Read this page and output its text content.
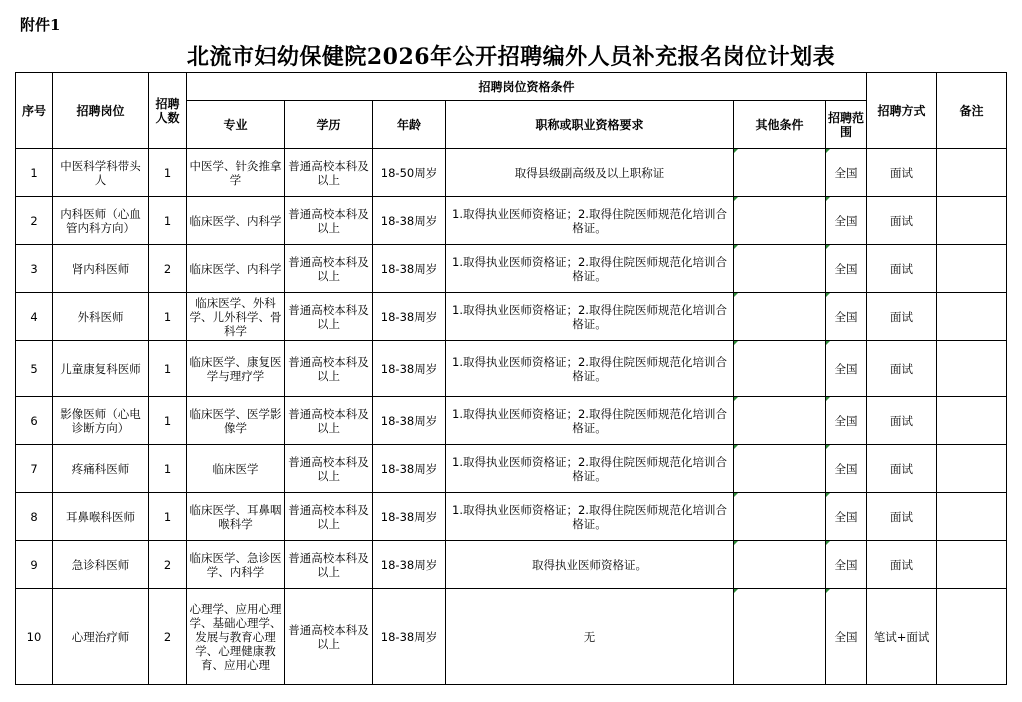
附件1
北流市妇幼保健院2026年公开招聘编外人员补充报名岗位计划表
序号	招聘岗位	招聘人数	招聘岗位资格条件						招聘方式	备注
			专业	学历	年龄	职称或职业资格要求	其他条件	招聘范围		
1	中医科学科带头人	1	中医学、针灸推拿学	普通高校本科及以上	18-50周岁	取得县级副高级及以上职称证		全国	面试	
2	内科医师（心血管内科方向）	1	临床医学、内科学	普通高校本科及以上	18-38周岁	1.取得执业医师资格证；2.取得住院医师规范化培训合格证。		全国	面试	
3	肾内科医师	2	临床医学、内科学	普通高校本科及以上	18-38周岁	1.取得执业医师资格证；2.取得住院医师规范化培训合格证。		全国	面试	
4	外科医师	1	临床医学、外科学、儿外科学、骨科学	普通高校本科及以上	18-38周岁	1.取得执业医师资格证；2.取得住院医师规范化培训合格证。		全国	面试	
5	儿童康复科医师	1	临床医学、康复医学与理疗学	普通高校本科及以上	18-38周岁	1.取得执业医师资格证；2.取得住院医师规范化培训合格证。		全国	面试	
6	影像医师（心电诊断方向）	1	临床医学、医学影像学	普通高校本科及以上	18-38周岁	1.取得执业医师资格证；2.取得住院医师规范化培训合格证。		全国	面试	
7	疼痛科医师	1	临床医学	普通高校本科及以上	18-38周岁	1.取得执业医师资格证；2.取得住院医师规范化培训合格证。		全国	面试	
8	耳鼻喉科医师	1	临床医学、耳鼻咽喉科学	普通高校本科及以上	18-38周岁	1.取得执业医师资格证；2.取得住院医师规范化培训合格证。		全国	面试	
9	急诊科医师	2	临床医学、急诊医学、内科学	普通高校本科及以上	18-38周岁	取得执业医师资格证。		全国	面试	
10	心理治疗师	2	心理学、应用心理学、基础心理学、发展与教育心理学、心理健康教育、应用心理	普通高校本科及以上	18-38周岁	无		全国	笔试+面试	
